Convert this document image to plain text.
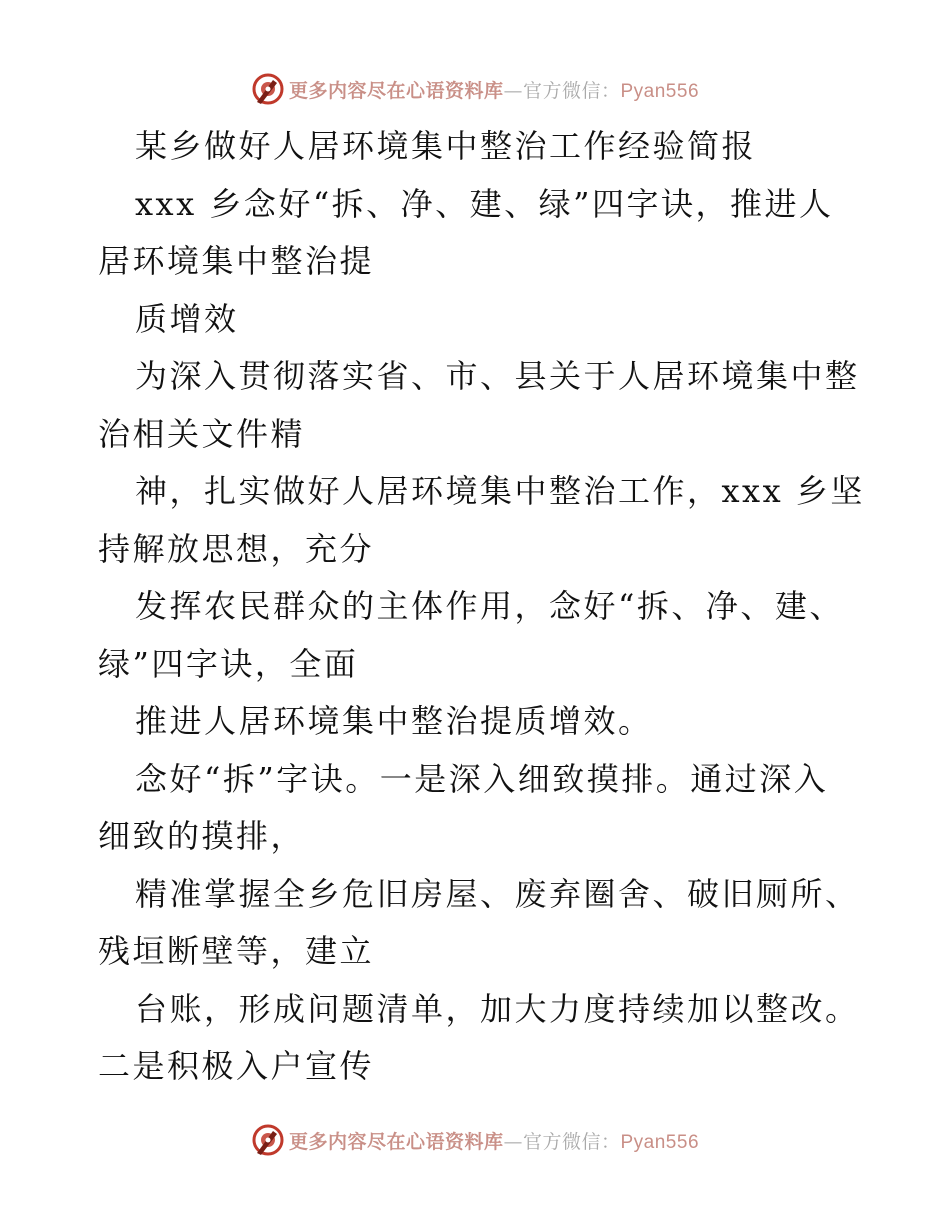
更多内容尽在心语资料库—官方微信：Pyan556
某乡做好人居环境集中整治工作经验简报
xxx 乡念好“拆、净、建、绿”四字诀，推进人
居环境集中整治提
质增效
为深入贯彻落实省、市、县关于人居环境集中整
治相关文件精
神，扎实做好人居环境集中整治工作，xxx 乡坚
持解放思想，充分
发挥农民群众的主体作用，念好“拆、净、建、
绿”四字诀，全面
推进人居环境集中整治提质增效。
念好“拆”字诀。一是深入细致摸排。通过深入
细致的摸排，
精准掌握全乡危旧房屋、废弃圈舍、破旧厕所、
残垣断壁等，建立
台账，形成问题清单，加大力度持续加以整改。
二是积极入户宣传
更多内容尽在心语资料库—官方微信：Pyan556
